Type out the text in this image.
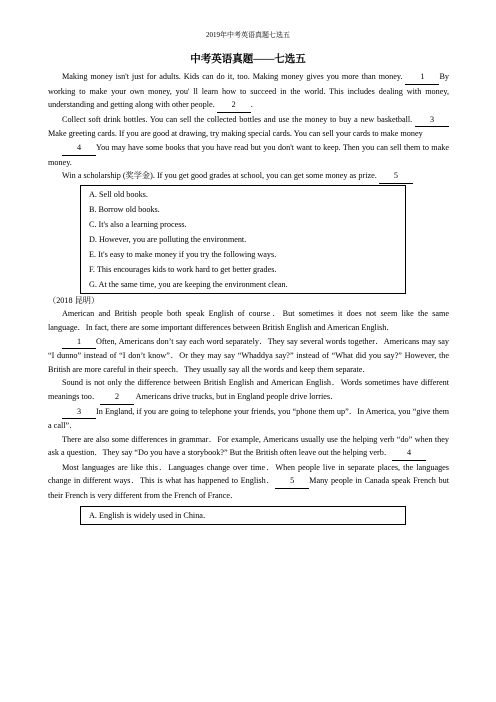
2019年中考英语真题七选五
中考英语真题——七选五

Making money isn't just for adults. Kids can do it, too. Making money gives you more than money. 1 By working to make your own money, you' ll learn how to succeed in the world. This includes dealing with money, understanding and getting along with other people. 2 .

Collect soft drink bottles. You can sell the collected bottles and use the money to buy a new basketball. 3Make greeting cards. If you are good at drawing, try making special cards. You can sell your cards to make money

4 You may have some books that you have read but you don't want to keep. Then you can sell them to make money.

Win a scholarship (奖学金). If you get good grades at school, you can get some money as prize. 5

A. Sell old books.

B. Borrow old books.

C. It's also a learning process.

D. However, you are polluting the environment.

E. It's easy to make money if you try the following ways.

F. This encourages kids to work hard to get better grades.

G. At the same time, you are keeping the environment clean.

（2018 昆明）

American and British people both speak English of course．But sometimes it does not seem like the same language．In fact, there are some important differences between British English and American English．

1 Often, Americans don’t say each word separately．They say several words together．Americans may say “I dunno” instead of “I don’t know”．Or they may say “Whaddya say?” instead of “What did you say?” However, the British are more careful in their speech．They usually say all the words and keep them separate．

Sound is not only the difference between British English and American English．Words sometimes have different meanings too． 2 Americans drive trucks, but in England people drive lorries．

3 In England, if you are going to telephone your friends, you “phone them up”．In America, you “give them a call”．

There are also some differences in grammar．For example, Americans usually use the helping verb “do” when they ask a question．They say “Do you have a storybook?” But the British often leave out the helping verb． 4

Most languages are like this．Languages change over time．When people live in separate places, the languages change in different ways．This is what has happened to English． 5 Many people in Canada speak French but their French is very different from the French of France．

A. English is widely used in China．
